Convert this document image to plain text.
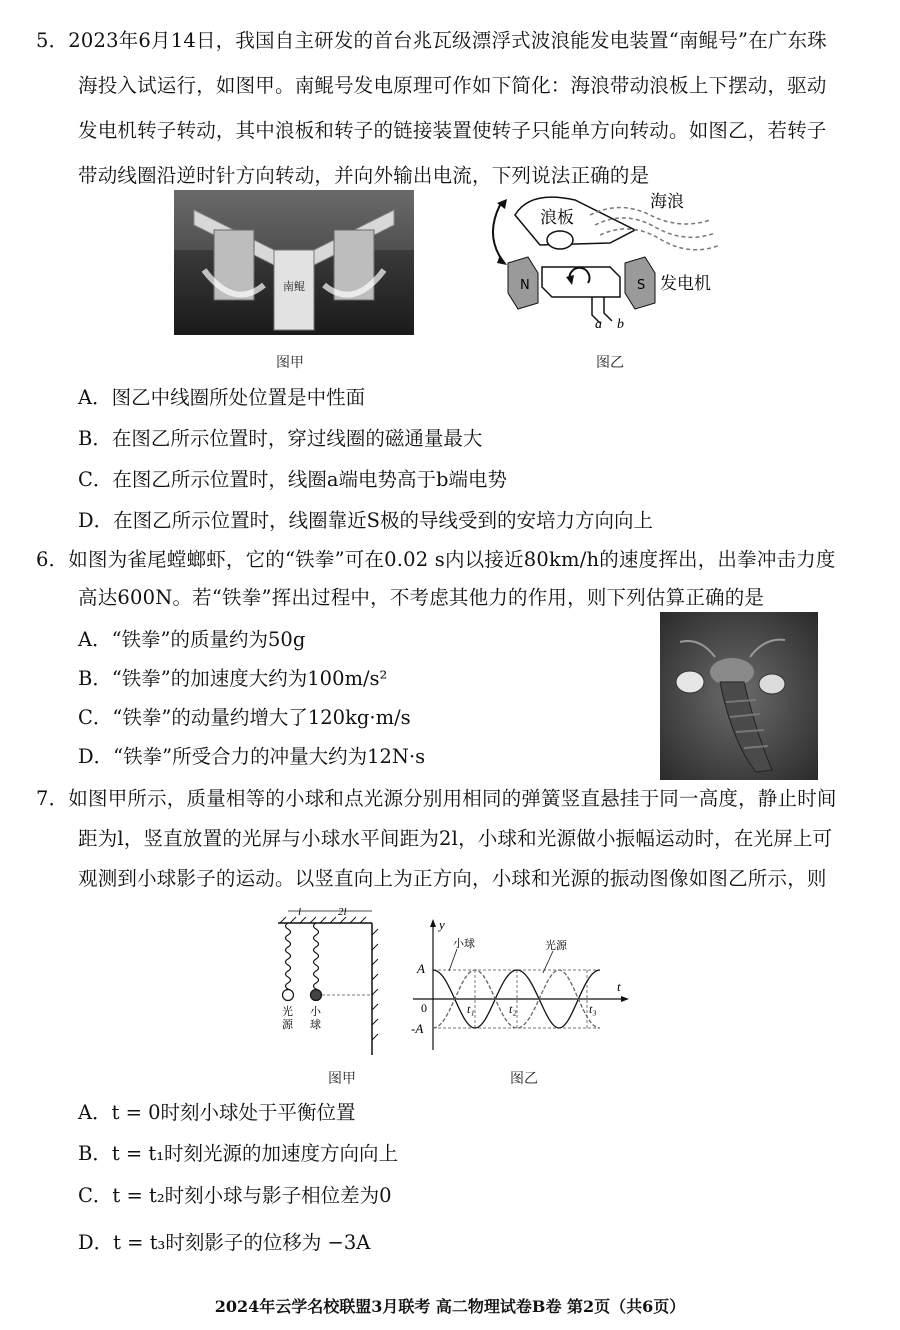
5．2023年6月14日，我国自主研发的首台兆瓦级漂浮式波浪能发电装置“南鲲号”在广东珠
海投入试运行，如图甲。南鲲号发电原理可作如下简化：海浪带动浪板上下摆动，驱动
发电机转子转动，其中浪板和转子的链接装置使转子只能单方向转动。如图乙，若转子
带动线圈沿逆时针方向转动，并向外输出电流，下列说法正确的是
南鲲
图甲
浪板
海浪
N	S
a b
发电机
图乙
A．图乙中线圈所处位置是中性面
B．在图乙所示位置时，穿过线圈的磁通量最大
C．在图乙所示位置时，线圈a端电势高于b端电势
D．在图乙所示位置时，线圈靠近S极的导线受到的安培力方向向上
6．如图为雀尾螳螂虾，它的“铁拳”可在0.02 s内以接近80km/h的速度挥出，出拳冲击力度
高达600N。若“铁拳”挥出过程中，不考虑其他力的作用，则下列估算正确的是
A．“铁拳”的质量约为50g
B．“铁拳”的加速度大约为100m/s²
C．“铁拳”的动量约增大了120kg·m/s
D．“铁拳”所受合力的冲量大约为12N·s
7．如图甲所示，质量相等的小球和点光源分别用相同的弹簧竖直悬挂于同一高度，静止时间
距为l，竖直放置的光屏与小球水平间距为2l，小球和光源做小振幅运动时，在光屏上可
观测到小球影子的运动。以竖直向上为正方向，小球和光源的振动图像如图乙所示，则
l	2l
光源
小球
图甲
y
t
A
-A
0	t₁	t₂	t₃
小球	光源
图乙
A．t = 0时刻小球处于平衡位置
B．t = t₁时刻光源的加速度方向向上
C．t = t₂时刻小球与影子相位差为0
D．t = t₃时刻影子的位移为 −3A
2024年云学名校联盟3月联考 高二物理试卷B卷 第2页（共6页）
